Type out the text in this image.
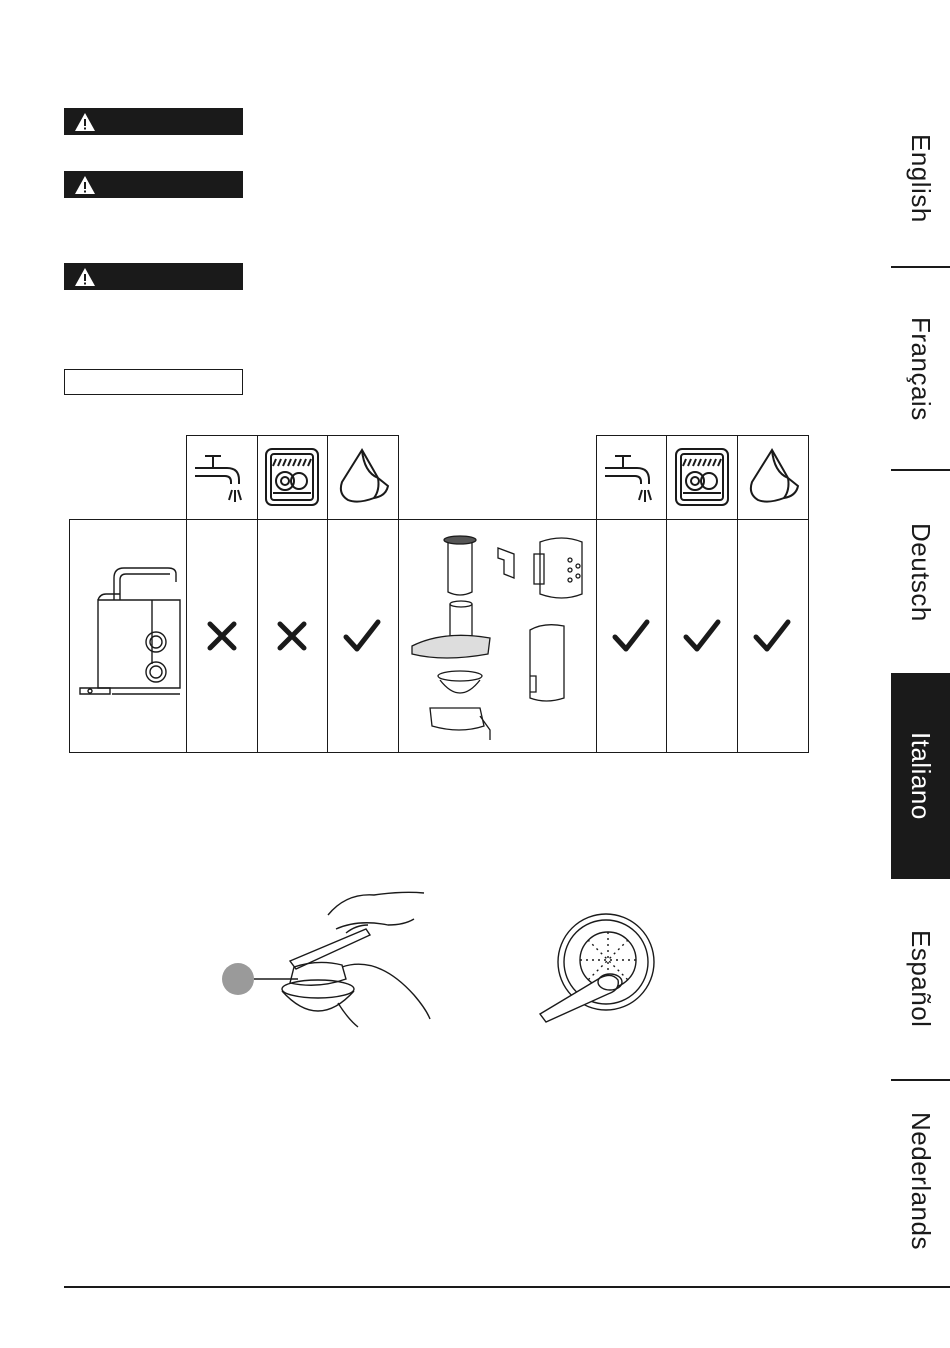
English
Français
Deutsch
Italiano
Español
Nederlands
